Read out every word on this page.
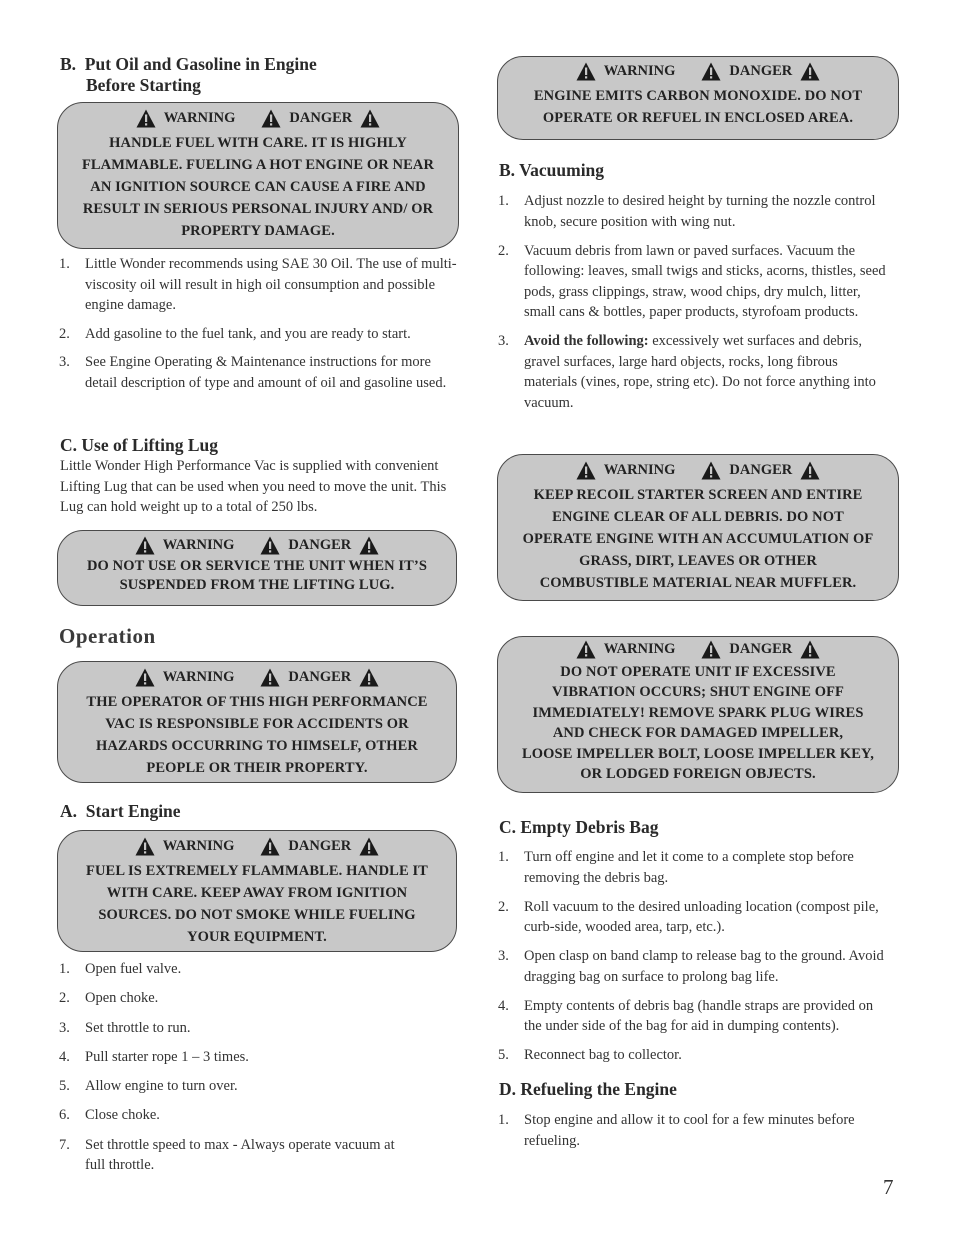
B.  Put Oil and Gasoline in Engine
Before Starting
WARNING	DANGER
HANDLE FUEL WITH CARE. IT IS HIGHLY
FLAMMABLE. FUELING A HOT ENGINE OR NEAR
AN IGNITION SOURCE CAN CAUSE A FIRE AND
RESULT IN SERIOUS PERSONAL INJURY AND/ OR
PROPERTY DAMAGE.
1. Little Wonder recommends using SAE 30 Oil. The use of multi-viscosity oil will result in high oil consumption and possible engine damage.
2. Add gasoline to the fuel tank, and you are ready to start.
3. See Engine Operating & Maintenance instructions for more detail description of type and amount of oil and gasoline used.
C. Use of Lifting Lug

Little Wonder High Performance Vac is supplied with convenient Lifting Lug that can be used when you need to move the unit. This Lug can hold weight up to a total of 250 lbs.

WARNING	DANGER
DO NOT USE OR SERVICE THE UNIT WHEN IT’S
SUSPENDED FROM THE LIFTING LUG.
Operation
WARNING	DANGER
THE OPERATOR OF THIS HIGH PERFORMANCE
VAC IS RESPONSIBLE FOR ACCIDENTS OR
HAZARDS OCCURRING TO HIMSELF, OTHER
PEOPLE OR THEIR PROPERTY.
A.  Start Engine
WARNING	DANGER
FUEL IS EXTREMELY FLAMMABLE. HANDLE IT
WITH CARE. KEEP AWAY FROM IGNITION
SOURCES. DO NOT SMOKE WHILE FUELING
YOUR EQUIPMENT.
1. Open fuel valve.
2. Open choke.
3. Set throttle to run.
4. Pull starter rope 1 – 3 times.
5. Allow engine to turn over.
6. Close choke.
7. Set throttle speed to max - Always operate vacuum at full throttle.
WARNING	DANGER
ENGINE EMITS CARBON MONOXIDE. DO NOT
OPERATE OR REFUEL IN ENCLOSED AREA.
B. Vacuuming
1. Adjust nozzle to desired height by turning the nozzle control knob, secure position with wing nut.
2. Vacuum debris from lawn or paved surfaces. Vacuum the following: leaves, small twigs and sticks, acorns, thistles, seed pods, grass clippings, straw, wood chips, dry mulch, litter, small cans & bottles, paper products, styrofoam products.
3. Avoid the following: excessively wet surfaces and debris, gravel surfaces, large hard objects, rocks, long fibrous materials (vines, rope, string etc). Do not force anything into vacuum.
WARNING	DANGER
KEEP RECOIL STARTER SCREEN AND ENTIRE
ENGINE CLEAR OF ALL DEBRIS. DO NOT
OPERATE ENGINE WITH AN ACCUMULATION OF
GRASS, DIRT, LEAVES OR OTHER
COMBUSTIBLE MATERIAL NEAR MUFFLER.
WARNING	DANGER
DO NOT OPERATE UNIT IF EXCESSIVE
VIBRATION OCCURS; SHUT ENGINE OFF
IMMEDIATELY! REMOVE SPARK PLUG WIRES
AND CHECK FOR DAMAGED IMPELLER,
LOOSE IMPELLER BOLT, LOOSE IMPELLER KEY,
OR LODGED FOREIGN OBJECTS.
C. Empty Debris Bag
1. Turn off engine and let it come to a complete stop before removing the debris bag.
2. Roll vacuum to the desired unloading location (compost pile, curb-side, wooded area, tarp, etc.).
3. Open clasp on band clamp to release bag to the ground. Avoid dragging bag on surface to prolong bag life.
4. Empty contents of debris bag (handle straps are provided on the under side of the bag for aid in dumping contents).
5. Reconnect bag to collector.
D. Refueling the Engine
1. Stop engine and allow it to cool for a few minutes before refueling.
7
